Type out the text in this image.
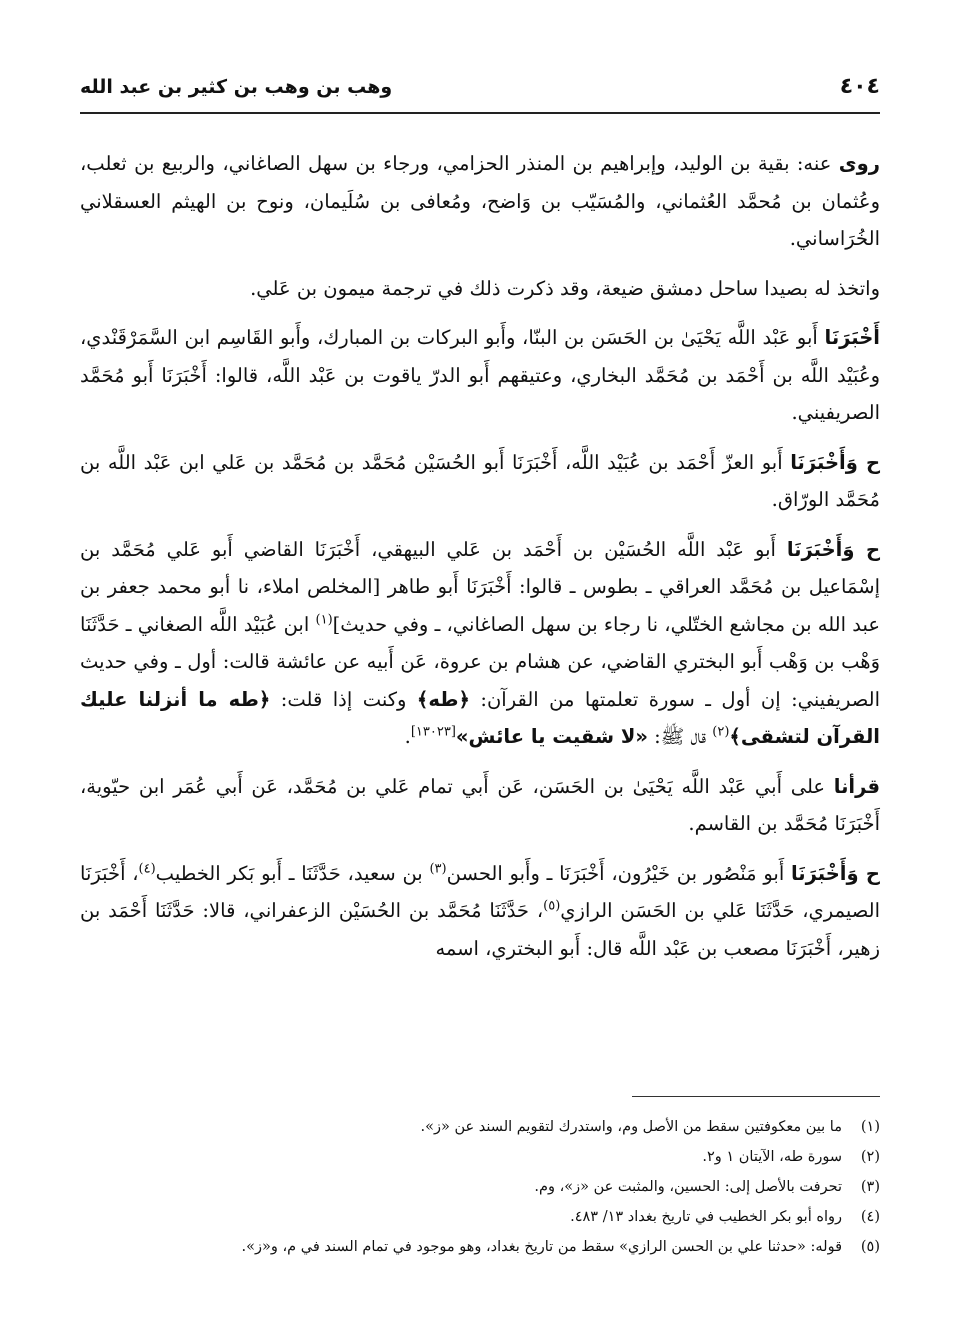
٤٠٤
وهب بن وهب بن كثير بن عبد الله

روى عنه: بقية بن الوليد، وإبراهيم بن المنذر الحزامي، ورجاء بن سهل الصاغاني، والربيع بن ثعلب، وعُثمان بن مُحمَّد العُثماني، والمُسَيّب بن وَاضح، ومُعافى بن سُلَيمان، ونوح بن الهيثم العسقلاني الخُرَاساني.

واتخذ له بصيدا ساحل دمشق ضيعة، وقد ذكرت ذلك في ترجمة ميمون بن عَلي.

أَخْبَرَنَا أَبو عَبْد اللَّه يَحْيَىٰ بن الحَسَن بن البنّا، وأَبو البركات بن المبارك، وأَبو القَاسِم ابن السَّمَرْقَنْدي، وعُبَيْد اللَّه بن أَحْمَد بن مُحَمَّد البخاري، وعتيقهم أَبو الدرّ ياقوت بن عَبْد اللَّه، قالوا: أَخْبَرَنَا أَبو مُحَمَّد الصريفيني.

ح وَأَخْبَرَنَا أَبو العزّ أَحْمَد بن عُبَيْد اللَّه، أَخْبَرَنَا أَبو الحُسَيْن مُحَمَّد بن مُحَمَّد بن عَلي ابن عَبْد اللَّه بن مُحَمَّد الورّاق.

ح وَأَخْبَرَنَا أَبو عَبْد اللَّه الحُسَيْن بن أَحْمَد بن عَلي البيهقي، أَخْبَرَنَا القاضي أَبو عَلي مُحَمَّد بن إسْمَاعيل بن مُحَمَّد العراقي ـ بطوس ـ قالوا: أَخْبَرَنَا أَبو طاهر [المخلص املاء، نا أبو محمد جعفر بن عبد الله بن مجاشع الختّلي، نا رجاء بن سهل الصاغاني، ـ وفي حديث]$^{(١)}$ ابن عُبَيْد اللَّه الصغاني ـ حَدَّثَنَا وَهْب بن وَهْب أَبو البختري القاضي، عن هشام بن عروة، عَن أَبيه عن عائشة قالت: أول ـ وفي حديث الصريفيني: إن أول ـ سورة تعلمتها من القرآن: ﴿طه﴾ وكنت إذا قلت: ﴿طه ما أنزلنا عليك القرآن لتشقى﴾$^{(٢)}$ قال ﷺ: «لا شقيت يا عائش»[١٣٠٢٣].

قرأنا على أَبي عَبْد اللَّه يَحْيَىٰ بن الحَسَن، عَن أَبي تمام عَلي بن مُحَمَّد، عَن أَبي عُمَر ابن حيّوية، أَخْبَرَنَا مُحَمَّد بن القاسم.

ح وَأَخْبَرَنَا أَبو مَنْصُور بن خَيْرُون، أَخْبَرَنَا ـ وأَبو الحسن$^{(٣)}$ بن سعيد، حَدَّثَنَا ـ أَبو بَكر الخطيب$^{(٤)}$، أَخْبَرَنَا الصيمري، حَدَّثَنَا عَلي بن الحَسَن الرازي$^{(٥)}$، حَدَّثَنَا مُحَمَّد بن الحُسَيْن الزعفراني، قالا: حَدَّثَنَا أَحْمَد بن زهير، أَخْبَرَنَا مصعب بن عَبْد اللَّه قال: أَبو البختري، اسمه

(١)ما بين معكوفتين سقط من الأصل وم، واستدرك لتقويم السند عن «ز».
(٢)سورة طه، الآيتان ١ و٢.
(٣)تحرفت بالأصل إلى: الحسين، والمثبت عن «ز»، وم.
(٤)رواه أبو بكر الخطيب في تاريخ بغداد ١٣/ ٤٨٣.
(٥)قوله: «حدثنا علي بن الحسن الرازي» سقط من تاريخ بغداد، وهو موجود في تمام السند في م، و«ز».
